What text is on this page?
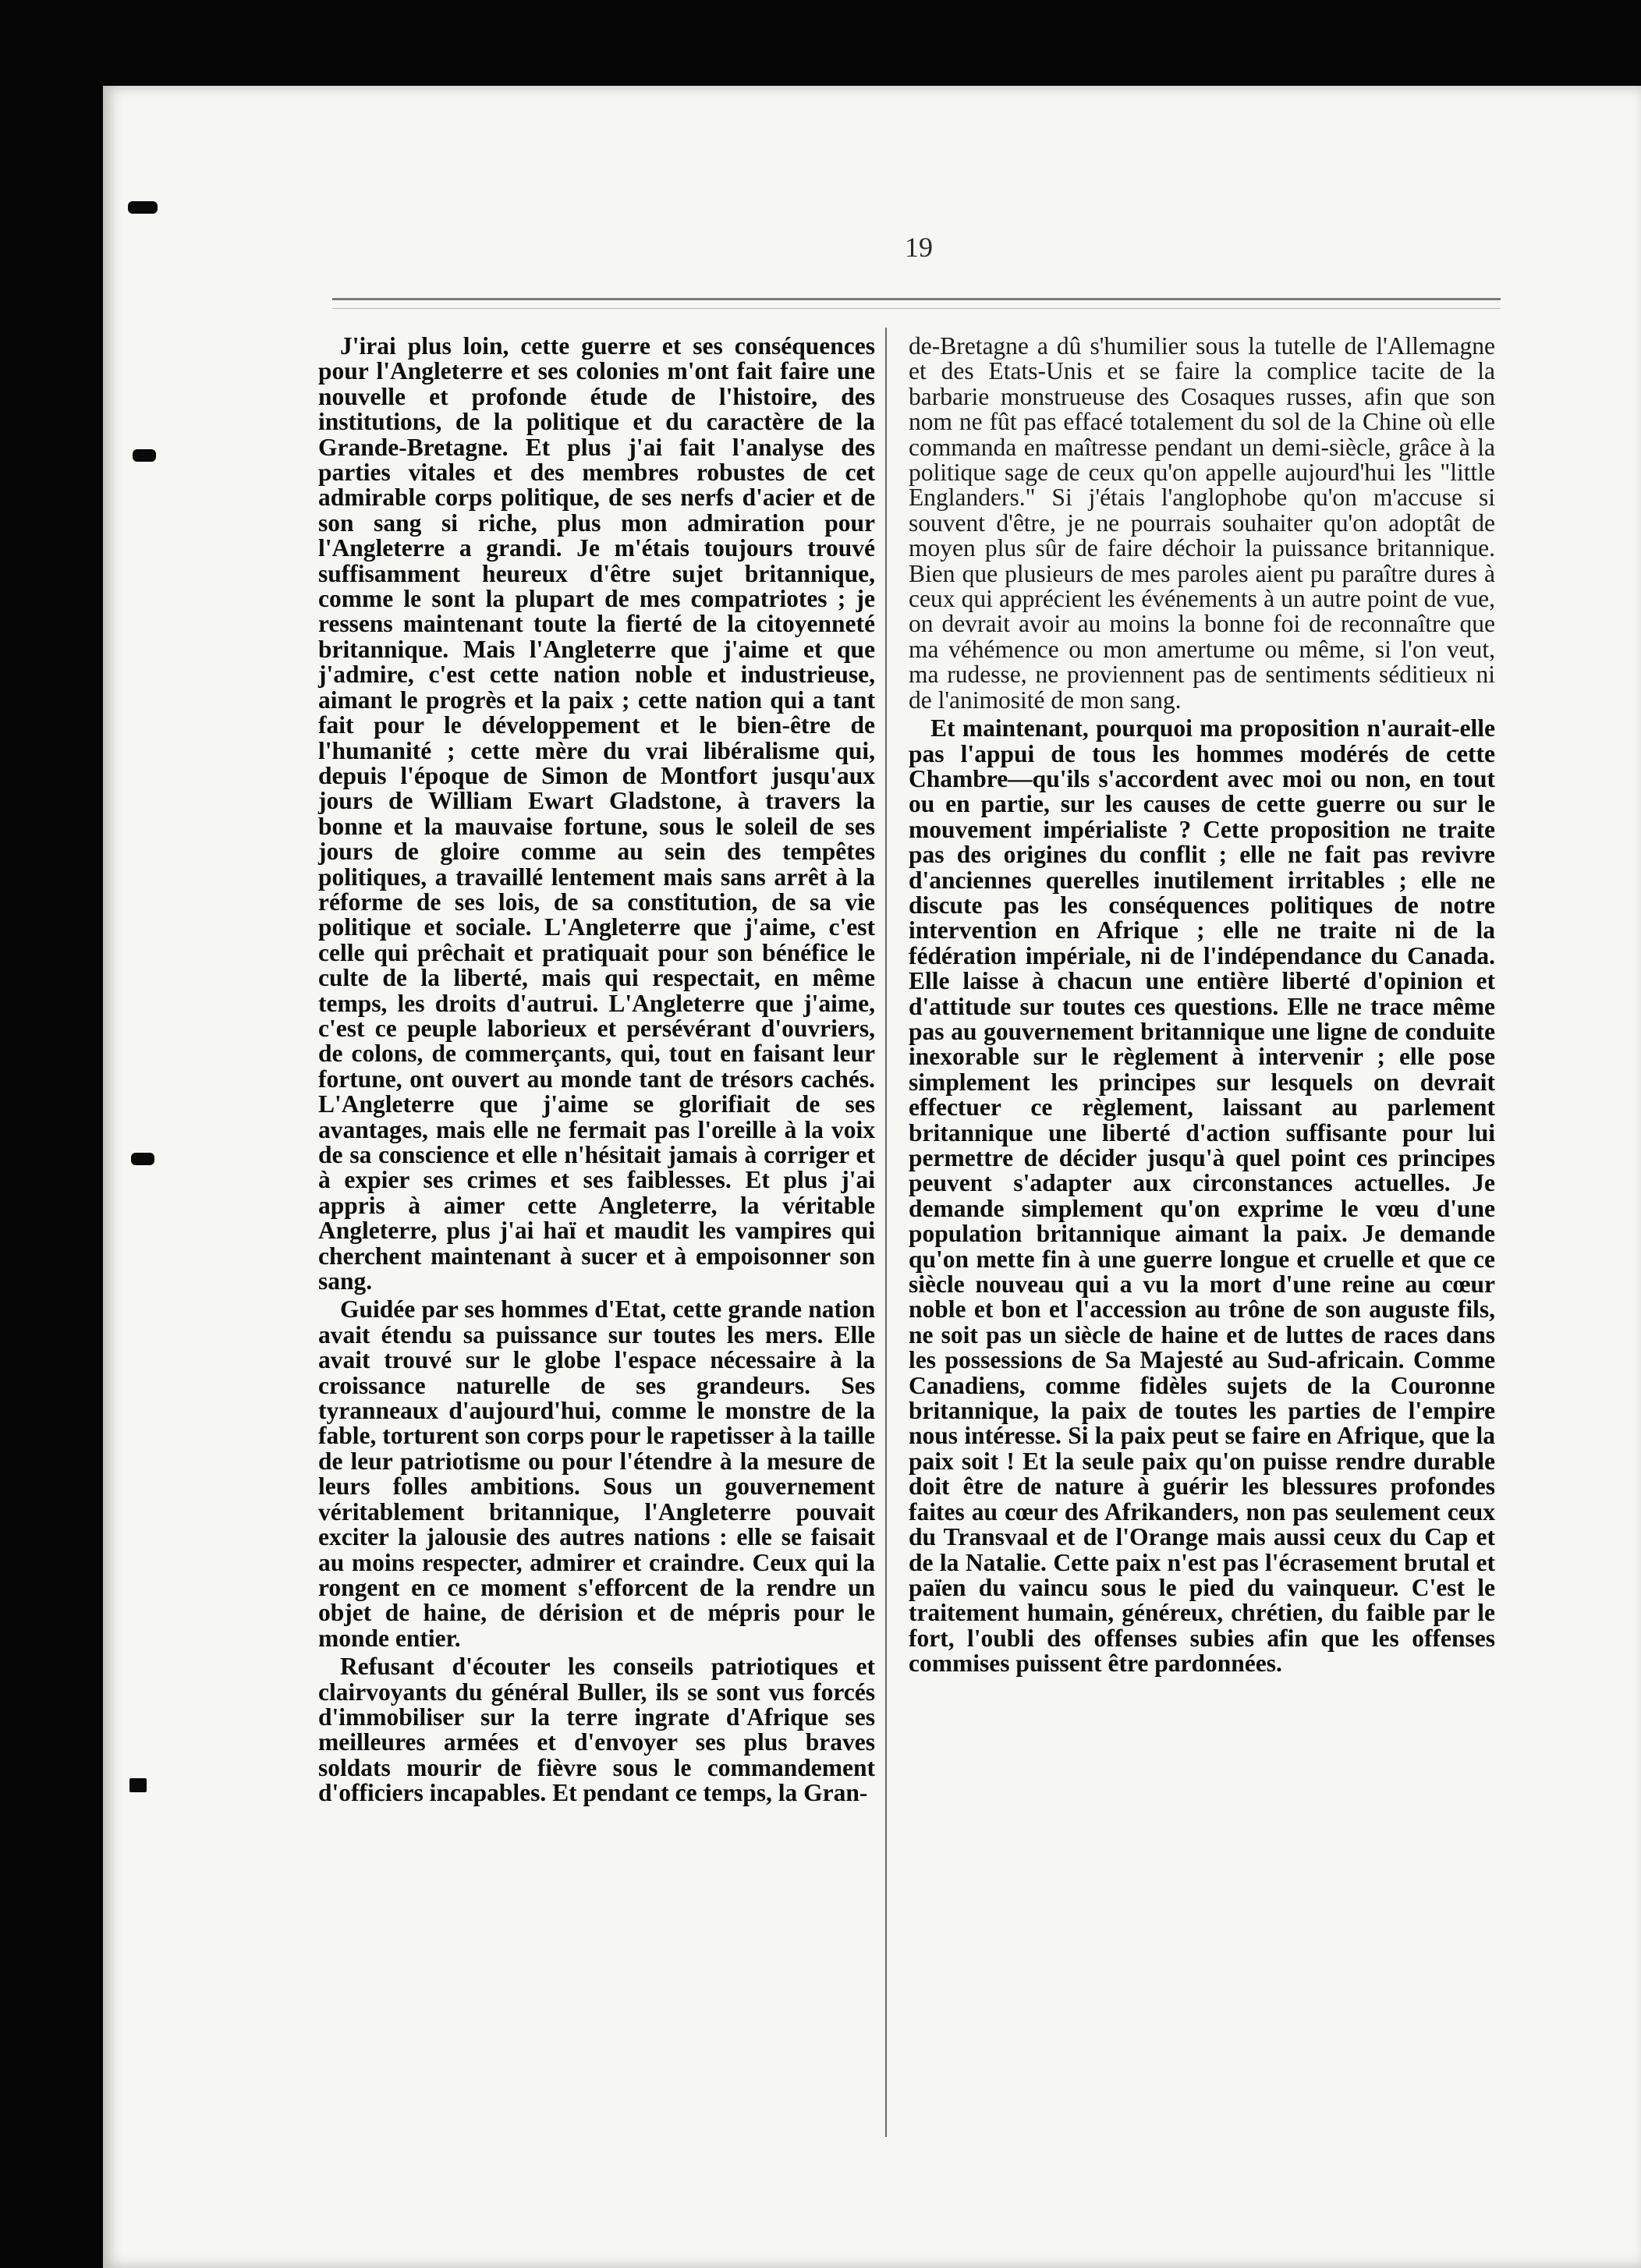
19

J'irai plus loin, cette guerre et ses conséquences pour l'Angleterre et ses colonies m'ont fait faire une nouvelle et profonde étude de l'histoire, des institutions, de la politique et du caractère de la Grande-Bretagne. Et plus j'ai fait l'analyse des parties vitales et des membres robustes de cet admirable corps politique, de ses nerfs d'acier et de son sang si riche, plus mon admiration pour l'Angleterre a grandi. Je m'étais toujours trouvé suffisamment heureux d'être sujet britannique, comme le sont la plupart de mes compatriotes ; je ressens maintenant toute la fierté de la citoyenneté britannique. Mais l'Angleterre que j'aime et que j'admire, c'est cette nation noble et industrieuse, aimant le progrès et la paix ; cette nation qui a tant fait pour le développement et le bien-être de l'humanité ; cette mère du vrai libéralisme qui, depuis l'époque de Simon de Montfort jusqu'aux jours de William Ewart Gladstone, à travers la bonne et la mauvaise fortune, sous le soleil de ses jours de gloire comme au sein des tempêtes politiques, a travaillé lentement mais sans arrêt à la réforme de ses lois, de sa constitution, de sa vie politique et sociale. L'Angleterre que j'aime, c'est celle qui prêchait et pratiquait pour son bénéfice le culte de la liberté, mais qui respectait, en même temps, les droits d'autrui. L'Angleterre que j'aime, c'est ce peuple laborieux et persévérant d'ouvriers, de colons, de commerçants, qui, tout en faisant leur fortune, ont ouvert au monde tant de trésors cachés. L'Angleterre que j'aime se glorifiait de ses avantages, mais elle ne fermait pas l'oreille à la voix de sa conscience et elle n'hésitait jamais à corriger et à expier ses crimes et ses faiblesses. Et plus j'ai appris à aimer cette Angleterre, la véritable Angleterre, plus j'ai haï et maudit les vampires qui cherchent maintenant à sucer et à empoisonner son sang.

Guidée par ses hommes d'Etat, cette grande nation avait étendu sa puissance sur toutes les mers. Elle avait trouvé sur le globe l'espace nécessaire à la croissance naturelle de ses grandeurs. Ses tyranneaux d'aujourd'hui, comme le monstre de la fable, torturent son corps pour le rapetisser à la taille de leur patriotisme ou pour l'étendre à la mesure de leurs folles ambitions. Sous un gouvernement véritablement britannique, l'Angleterre pouvait exciter la jalousie des autres nations : elle se faisait au moins respecter, admirer et craindre. Ceux qui la rongent en ce moment s'efforcent de la rendre un objet de haine, de dérision et de mépris pour le monde entier.

Refusant d'écouter les conseils patriotiques et clairvoyants du général Buller, ils se sont vus forcés d'immobiliser sur la terre ingrate d'Afrique ses meilleures armées et d'envoyer ses plus braves soldats mourir de fièvre sous le commandement d'officiers incapables. Et pendant ce temps, la Gran-

de-Bretagne a dû s'humilier sous la tutelle de l'Allemagne et des Etats-Unis et se faire la complice tacite de la barbarie monstrueuse des Cosaques russes, afin que son nom ne fût pas effacé totalement du sol de la Chine où elle commanda en maîtresse pendant un demi-siècle, grâce à la politique sage de ceux qu'on appelle aujourd'hui les "little Englanders." Si j'étais l'anglophobe qu'on m'accuse si souvent d'être, je ne pourrais souhaiter qu'on adoptât de moyen plus sûr de faire déchoir la puissance britannique. Bien que plusieurs de mes paroles aient pu paraître dures à ceux qui apprécient les événements à un autre point de vue, on devrait avoir au moins la bonne foi de reconnaître que ma véhémence ou mon amertume ou même, si l'on veut, ma rudesse, ne proviennent pas de sentiments séditieux ni de l'animosité de mon sang.

Et maintenant, pourquoi ma proposition n'aurait-elle pas l'appui de tous les hommes modérés de cette Chambre—qu'ils s'accordent avec moi ou non, en tout ou en partie, sur les causes de cette guerre ou sur le mouvement impérialiste ? Cette proposition ne traite pas des origines du conflit ; elle ne fait pas revivre d'anciennes querelles inutilement irritables ; elle ne discute pas les conséquences politiques de notre intervention en Afrique ; elle ne traite ni de la fédération impériale, ni de l'indépendance du Canada. Elle laisse à chacun une entière liberté d'opinion et d'attitude sur toutes ces questions. Elle ne trace même pas au gouvernement britannique une ligne de conduite inexorable sur le règlement à intervenir ; elle pose simplement les principes sur lesquels on devrait effectuer ce règlement, laissant au parlement britannique une liberté d'action suffisante pour lui permettre de décider jusqu'à quel point ces principes peuvent s'adapter aux circonstances actuelles. Je demande simplement qu'on exprime le vœu d'une population britannique aimant la paix. Je demande qu'on mette fin à une guerre longue et cruelle et que ce siècle nouveau qui a vu la mort d'une reine au cœur noble et bon et l'accession au trône de son auguste fils, ne soit pas un siècle de haine et de luttes de races dans les possessions de Sa Majesté au Sud-africain. Comme Canadiens, comme fidèles sujets de la Couronne britannique, la paix de toutes les parties de l'empire nous intéresse. Si la paix peut se faire en Afrique, que la paix soit ! Et la seule paix qu'on puisse rendre durable doit être de nature à guérir les blessures profondes faites au cœur des Afrikanders, non pas seulement ceux du Transvaal et de l'Orange mais aussi ceux du Cap et de la Natalie. Cette paix n'est pas l'écrasement brutal et païen du vaincu sous le pied du vainqueur. C'est le traitement humain, généreux, chrétien, du faible par le fort, l'oubli des offenses subies afin que les offenses commises puissent être pardonnées.
